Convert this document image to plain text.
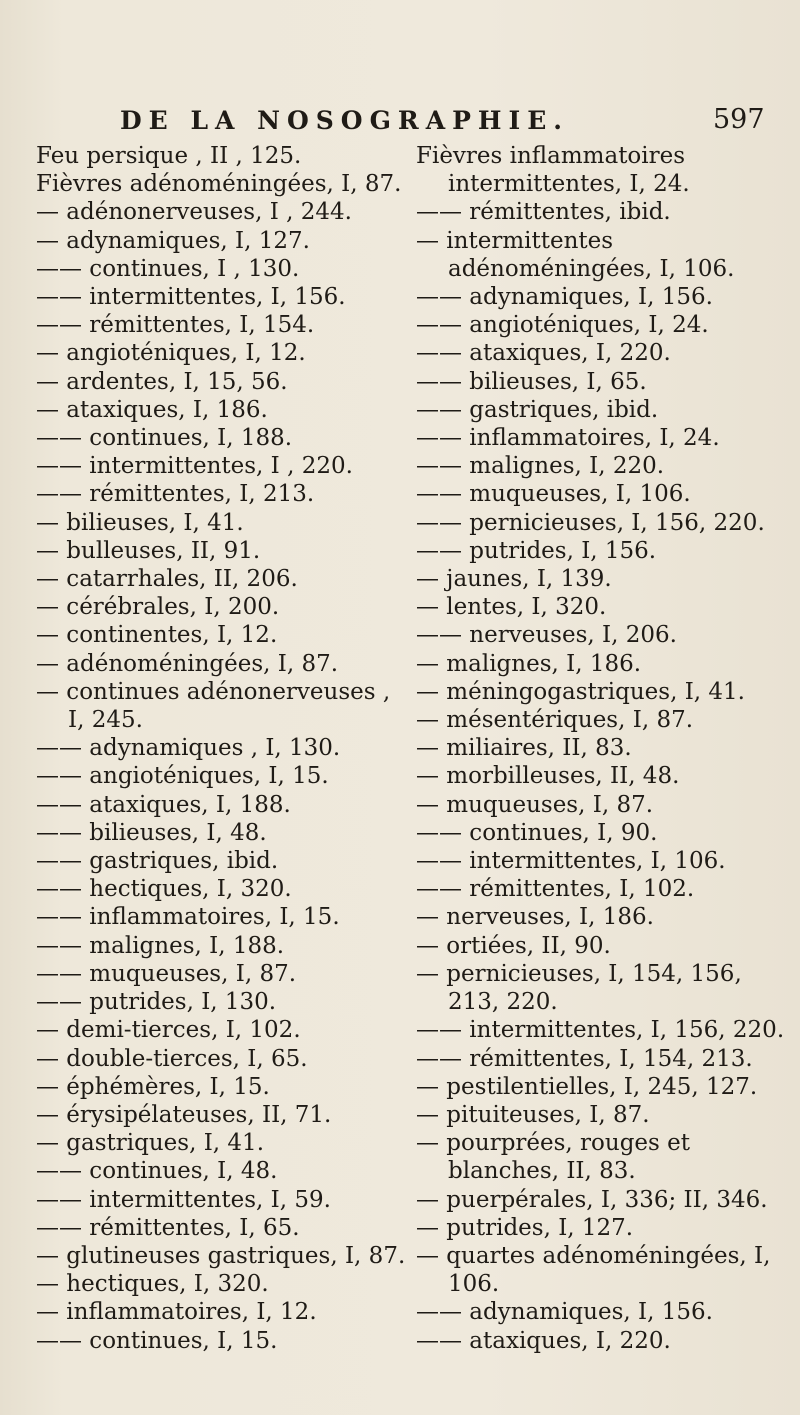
DE LA NOSOGRAPHIE.	597
Feu persique , II , 125.
Fièvres adénoméningées, I, 87.
— adénonerveuses, I , 244.
— adynamiques, I, 127.
—— continues, I , 130.
—— intermittentes, I, 156.
—— rémittentes, I, 154.
— angioténiques, I, 12.
— ardentes, I, 15, 56.
— ataxiques, I, 186.
—— continues, I, 188.
—— intermittentes, I , 220.
—— rémittentes, I, 213.
— bilieuses, I, 41.
— bulleuses, II, 91.
— catarrhales, II, 206.
— cérébrales, I, 200.
— continentes, I, 12.
— adénoméningées, I, 87.
— continues adénonerveuses , I, 245.
—— adynamiques , I, 130.
—— angioténiques, I, 15.
—— ataxiques, I, 188.
—— bilieuses, I, 48.
—— gastriques, ibid.
—— hectiques, I, 320.
—— inflammatoires, I, 15.
—— malignes, I, 188.
—— muqueuses, I, 87.
—— putrides, I, 130.
— demi-tierces, I, 102.
— double-tierces, I, 65.
— éphémères, I, 15.
— érysipélateuses, II, 71.
— gastriques, I, 41.
—— continues, I, 48.
—— intermittentes, I, 59.
—— rémittentes, I, 65.
— glutineuses gastriques, I, 87.
— hectiques, I, 320.
— inflammatoires, I, 12.
—— continues, I, 15.
Fièvres inflammatoires intermittentes, I, 24.
—— rémittentes, ibid.
— intermittentes adénoméningées, I, 106.
—— adynamiques, I, 156.
—— angioténiques, I, 24.
—— ataxiques, I, 220.
—— bilieuses, I, 65.
—— gastriques, ibid.
—— inflammatoires, I, 24.
—— malignes, I, 220.
—— muqueuses, I, 106.
—— pernicieuses, I, 156, 220.
—— putrides, I, 156.
— jaunes, I, 139.
— lentes, I, 320.
—— nerveuses, I, 206.
— malignes, I, 186.
— méningogastriques, I, 41.
— mésentériques, I, 87.
— miliaires, II, 83.
— morbilleuses, II, 48.
— muqueuses, I, 87.
—— continues, I, 90.
—— intermittentes, I, 106.
—— rémittentes, I, 102.
— nerveuses, I, 186.
— ortiées, II, 90.
— pernicieuses, I, 154, 156, 213, 220.
—— intermittentes, I, 156, 220.
—— rémittentes, I, 154, 213.
— pestilentielles, I, 245, 127.
— pituiteuses, I, 87.
— pourprées, rouges et blanches, II, 83.
— puerpérales, I, 336; II, 346.
— putrides, I, 127.
— quartes adénoméningées, I, 106.
—— adynamiques, I, 156.
—— ataxiques, I, 220.
